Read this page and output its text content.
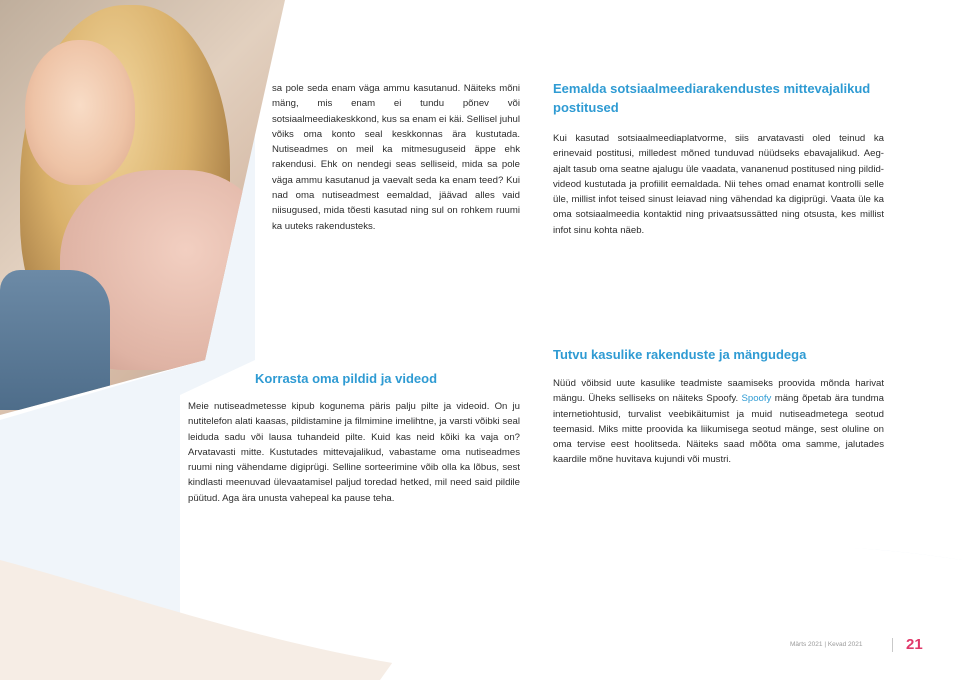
sa pole seda enam väga ammu kasutanud. Näiteks mõni mäng, mis enam ei tundu põnev või sotsiaalmeediakeskkond, kus sa enam ei käi. Sellisel juhul võiks oma konto seal keskkonnas ära kustutada. Nutiseadmes on meil ka mitmesuguseid äppe ehk rakendusi. Ehk on nendegi seas selliseid, mida sa pole väga ammu kasutanud ja vaevalt seda ka enam teed? Kui nad oma nutiseadmest eemaldad, jäävad alles vaid niisugused, mida tõesti kasutad ning sul on rohkem ruumi ka uuteks rakendusteks.
Korrasta oma pildid ja videod
Meie nutiseadmetesse kipub kogunema päris palju pilte ja videoid. On ju nutitelefon alati kaasas, pildistamine ja filmimine imelihtne, ja varsti võibki seal leiduda sadu või lausa tuhandeid pilte. Kuid kas neid kõiki ka vaja on? Arvatavasti mitte. Kustutades mittevajalikud, vabastame oma nutiseadmes ruumi ning vähendame digiprügi. Selline sorteerimine võib olla ka lõbus, sest kindlasti meenuvad ülevaatamisel paljud toredad hetked, mil need said pildile püütud. Aga ära unusta vahepeal ka pause teha.
Eemalda sotsiaalmeediarakendustes mittevajalikud postitused
Kui kasutad sotsiaalmeediaplatvorme, siis arvatavasti oled teinud ka erinevaid postitusi, milledest mõned tunduvad nüüdseks ebavajalikud. Aeg-ajalt tasub oma seatne ajalugu üle vaadata, vananenud postitused ning pildid-videod kustutada ja profiilit eemaldada. Nii tehes omad enamat kontrolli selle üle, millist infot teised sinust leiavad ning vähendad ka digiprügi. Vaata üle ka oma sotsiaalmeedia kontaktid ning privaatsussätted ning otsusta, kes millist infot sinu kohta näeb.
Tutvu kasulike rakenduste ja mängudega
Nüüd võibsid uute kasulike teadmiste saamiseks proovida mõnda harivat mängu. Üheks selliseks on näiteks Spoofy. Spoofy mäng õpetab ära tundma internetiohtusid, turvalist veebikäitumist ja muid nutiseadmetega seotud teemasid. Miks mitte proovida ka liikumisega seotud mänge, sest oluline on oma tervise eest hoolitseda. Näiteks saad mõõta oma samme, jalutades kaardile mõne huvitava kujundi või mustri.
Märts 2021 | Kevad 2021	21
